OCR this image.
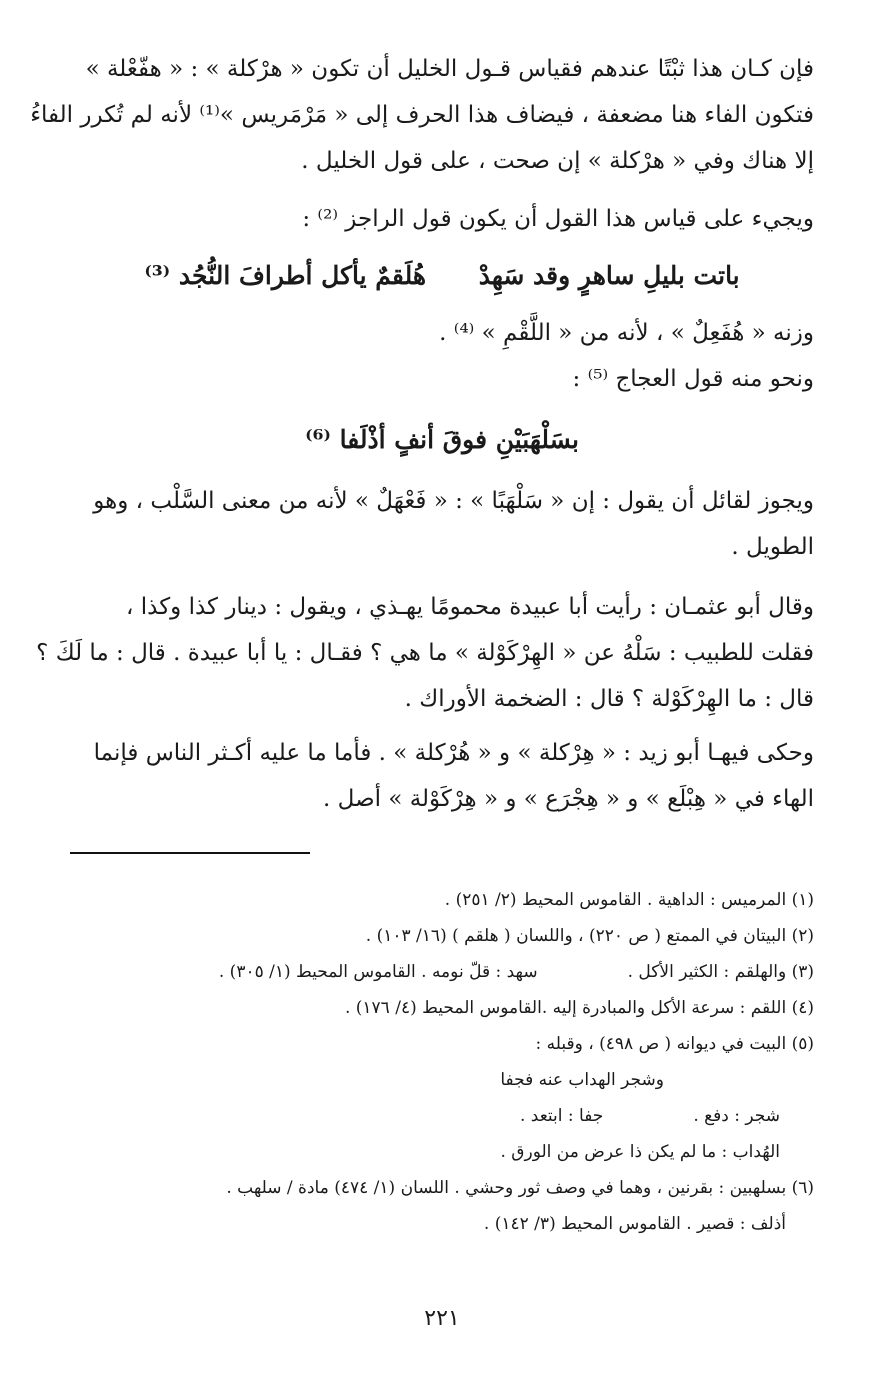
فإن كـان هذا ثبْتًا عندهم فقياس قـول الخليل أن تكون « هرْكلة » : « هفّعْلة »
فتكون الفاء هنا مضعفة ، فيضاف هذا الحرف إلى « مَرْمَريس »⁽¹⁾ لأنه لم تُكرر الفاءُ
إلا هناك وفي « هرْكلة » إن صحت ، على قول الخليل .
ويجيء على قياس هذا القول أن يكون قول الراجز ⁽²⁾ :
باتت بليلِ ساهرٍ وقد سَهِدْ هُلَقمٌ يأكل أطرافَ النُّجُد ⁽³⁾
وزنه « هُفَعِلٌ » ، لأنه من « اللَّقْمِ » ⁽⁴⁾ .
ونحو منه قول العجاج ⁽⁵⁾ :
بسَلْهَبَيْنِ فوقَ أنفٍ أذْلَفا ⁽⁶⁾
ويجوز لقائل أن يقول : إن « سَلْهَبًا » : « فَعْهَلٌ » لأنه من معنى السَّلْب ، وهو
الطويل .
وقال أبو عثمـان : رأيت أبا عبيدة محمومًا يهـذي ، ويقول : دينار كذا وكذا ،
فقلت للطبيب : سَلْهُ عن « الهِرْكَوْلة » ما هي ؟ فقـال : يا أبا عبيدة . قال : ما لَكَ ؟
قال : ما الهِرْكَوْلة ؟ قال : الضخمة الأوراك .
وحكى فيهـا أبو زيد : « هِرْكلة » و « هُرْكلة » . فأما ما عليه أكـثر الناس فإنما
الهاء في « هِبْلَع » و « هِجْرَع » و « هِرْكَوْلة » أصل .
(١) المرميس : الداهية . القاموس المحيط (٢/ ٢٥١) .
(٢) البيتان في الممتع ( ص ٢٢٠) ، واللسان ( هلقم ) (١٦/ ١٠٣) .
(٣) والهلقم : الكثير الأكل .سهد : قلّ نومه . القاموس المحيط (١/ ٣٠٥) .
(٤) اللقم : سرعة الأكل والمبادرة إليه .القاموس المحيط (٤/ ١٧٦) .
(٥) البيت في ديوانه ( ص ٤٩٨) ، وقبله :
وشجر الهداب عنه فجفا
شجر : دفع .جفا : ابتعد .
الهُداب : ما لم يكن ذا عرض من الورق .
(٦) بسلهبين : بقرنين ، وهما في وصف ثور وحشي . اللسان (١/ ٤٧٤) مادة / سلهب .
أذلف : قصير . القاموس المحيط (٣/ ١٤٢) .
٢٢١
